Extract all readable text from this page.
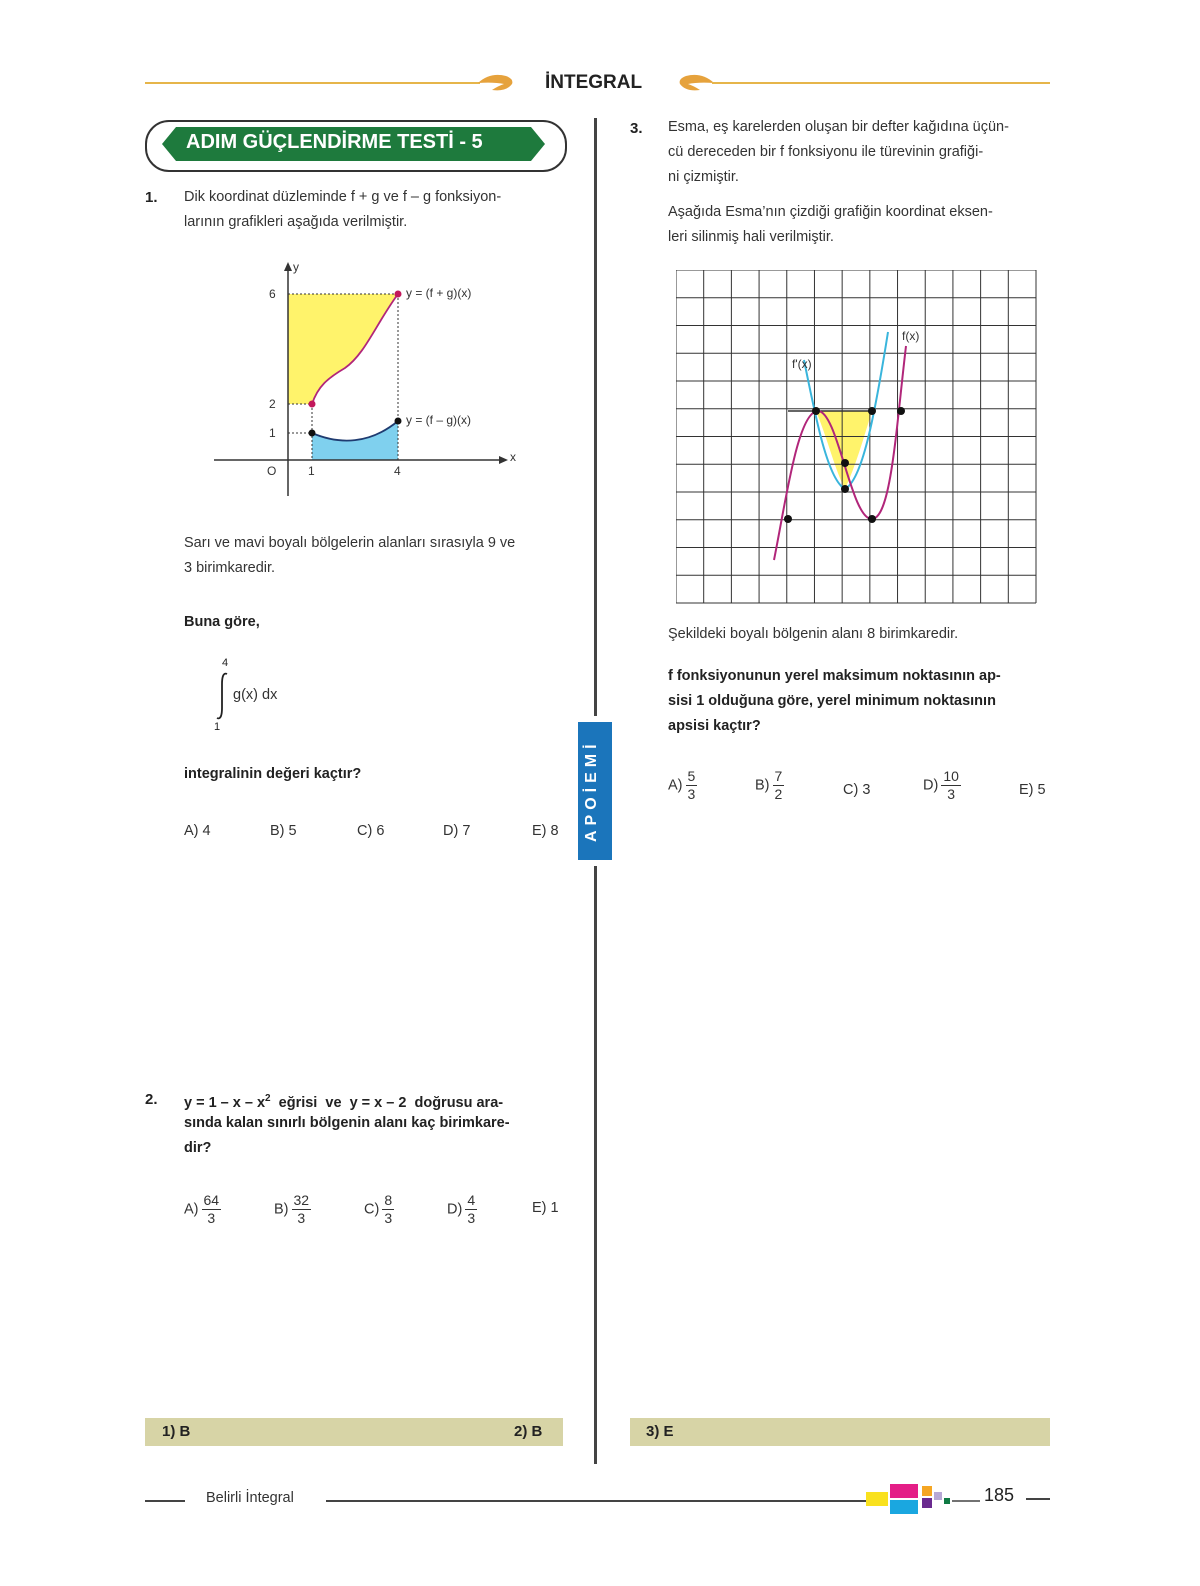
İNTEGRAL
ADIM GÜÇLENDİRME TESTİ - 5
APOİEMİ
1. Dik koordinat düzleminde f + g ve f – g fonksiyon-
larının grafikleri aşağıda verilmiştir.
y
x
O
6
2
1
1	4
y = (f + g)(x)
y = (f – g)(x)
Sarı ve mavi boyalı bölgelerin alanları sırasıyla 9 ve
3 birimkaredir.
Buna göre,
4
1
g(x) dx
integralinin değeri kaçtır?
A) 4	B) 5	C) 6	D) 7	E) 8
2. $y = 1 - x - x^2$  eğrisi  ve  y = x – 2  doğrusu ara-
sında kalan sınırlı bölgenin alanı kaç birimkare-
dir?
$A) \frac{64}{3}$	$B) \frac{32}{3}$	$C) \frac{8}{3}$	$D) \frac{4}{3}$	E) 1
3. Esma, eş karelerden oluşan bir defter kağıdına üçün-
cü dereceden bir f fonksiyonu ile türevinin grafiği-
ni çizmiştir.
Aşağıda Esma’nın çizdiği grafiğin koordinat eksen-
leri silinmiş hali verilmiştir.
f(x)
f'(x)
Şekildeki boyalı bölgenin alanı 8 birimkaredir.
f fonksiyonunun yerel maksimum noktasının ap-
sisi 1 olduğuna göre, yerel minimum noktasının
apsisi kaçtır?
$A) \frac{5}{3}$	$B) \frac{7}{2}$	C) 3	$D) \frac{10}{3}$	E) 5
1) B	2) B	3) E
Belirli İntegral	185
